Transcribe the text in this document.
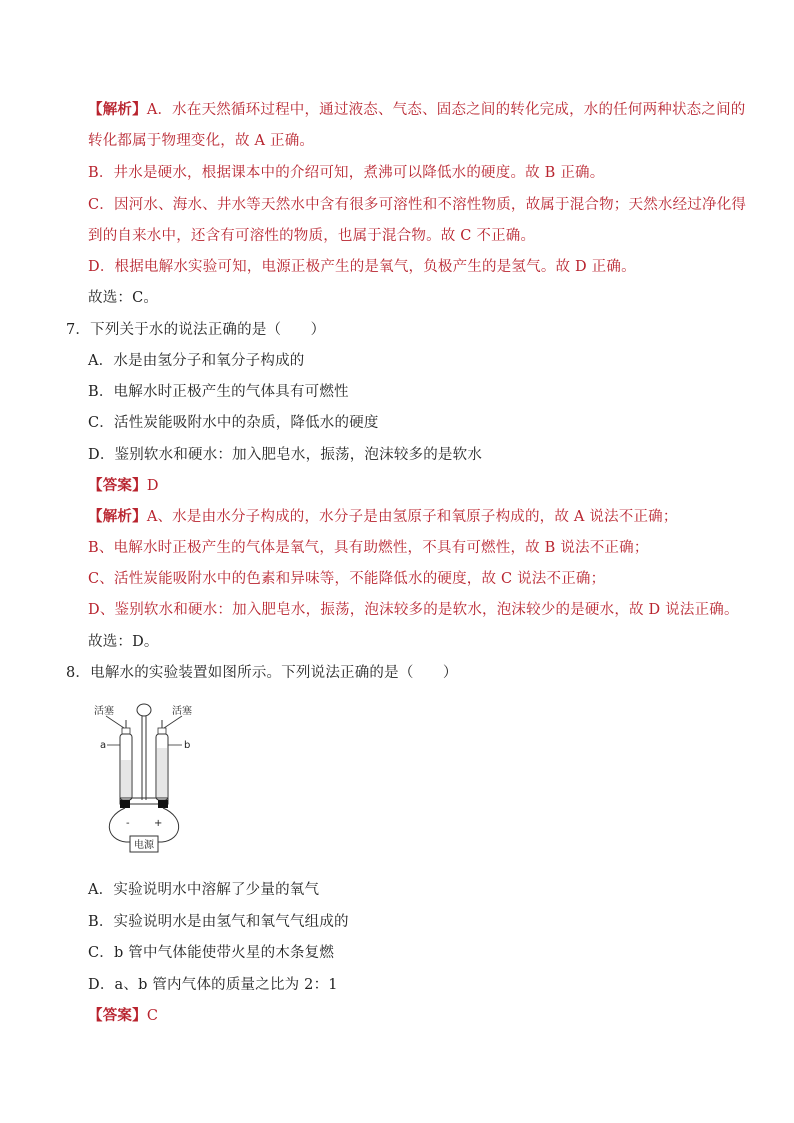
【解析】A．水在天然循环过程中，通过液态、气态、固态之间的转化完成，水的任何两种状态之间的
转化都属于物理变化，故 A 正确。
B．井水是硬水，根据课本中的介绍可知，煮沸可以降低水的硬度。故 B 正确。
C．因河水、海水、井水等天然水中含有很多可溶性和不溶性物质，故属于混合物；天然水经过净化得
到的自来水中，还含有可溶性的物质，也属于混合物。故 C 不正确。
D．根据电解水实验可知，电源正极产生的是氧气，负极产生的是氢气。故 D 正确。
故选：C。
7．下列关于水的说法正确的是（　　）
A．水是由氢分子和氧分子构成的
B．电解水时正极产生的气体具有可燃性
C．活性炭能吸附水中的杂质，降低水的硬度
D．鉴别软水和硬水：加入肥皂水，振荡，泡沫较多的是软水
【答案】D
【解析】A、水是由水分子构成的，水分子是由氢原子和氧原子构成的，故 A 说法不正确；
B、电解水时正极产生的气体是氧气，具有助燃性，不具有可燃性，故 B 说法不正确；
C、活性炭能吸附水中的色素和异味等，不能降低水的硬度，故 C 说法不正确；
D、鉴别软水和硬水：加入肥皂水，振荡，泡沫较多的是软水，泡沫较少的是硬水，故 D 说法正确。
故选：D。
8．电解水的实验装置如图所示。下列说法正确的是（　　）
活塞	活塞
a	b
- +
电源
A．实验说明水中溶解了少量的氧气
B．实验说明水是由氢气和氧气气组成的
C．b 管中气体能使带火星的木条复燃
D．a、b 管内气体的质量之比为 2：1
【答案】C
